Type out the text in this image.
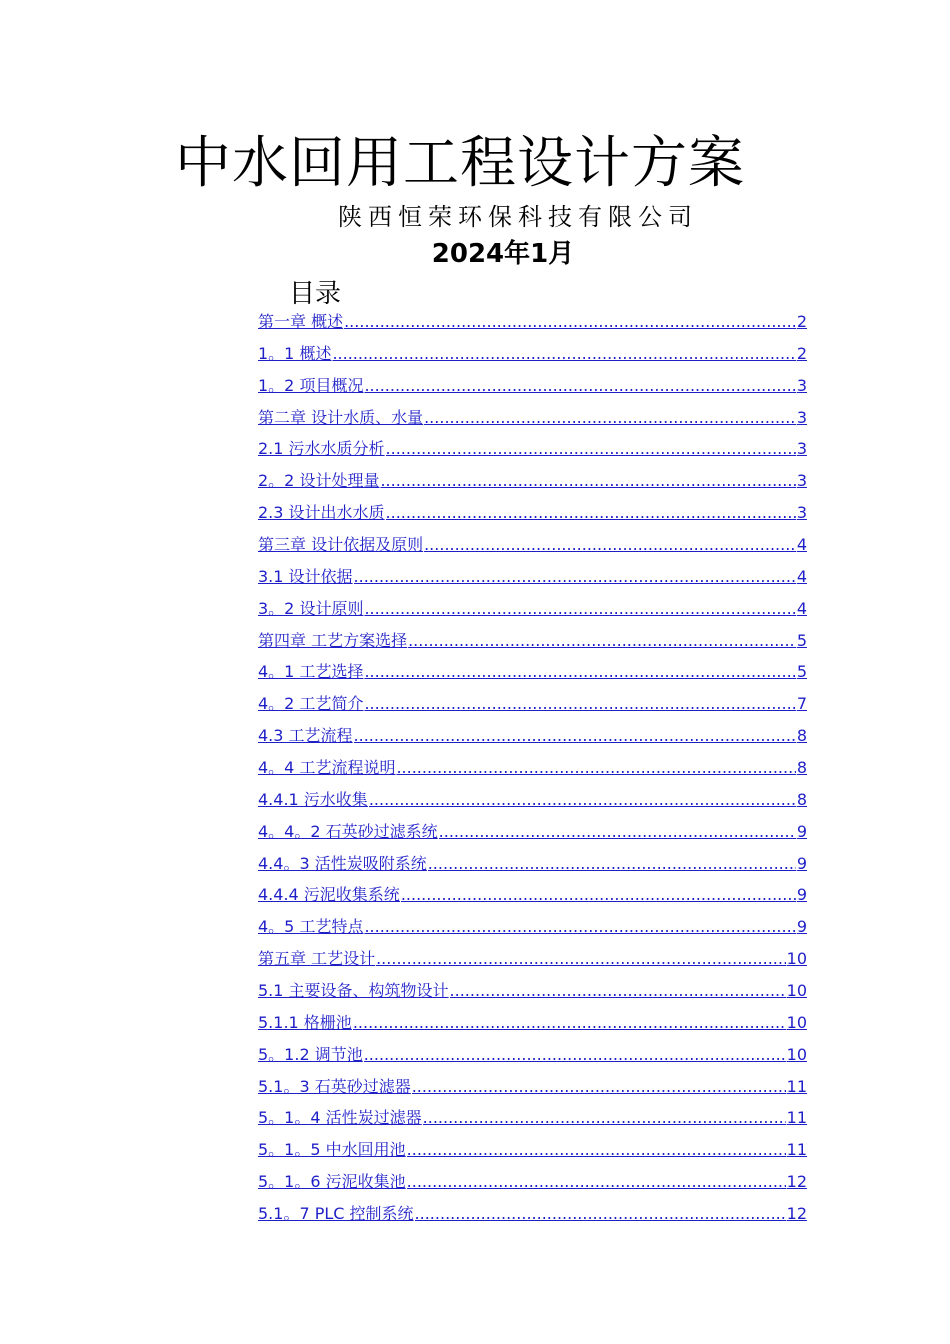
中水回用工程设计方案
陕西恒荣环保科技有限公司
2024年1月
目录
第一章 概述 .....	2
1。1 概述 .....	2
1。2 项目概况 .....	3
第二章 设计水质、水量 .....	3
2.1 污水水质分析 .....	3
2。2 设计处理量 .....	3
2.3 设计出水水质 .....	3
第三章 设计依据及原则 .....	4
3.1 设计依据 .....	4
3。2 设计原则 .....	4
第四章 工艺方案选择 .....	5
4。1 工艺选择 .....	5
4。2 工艺简介 .....	7
4.3 工艺流程 .....	8
4。4 工艺流程说明 .....	8
4.4.1 污水收集 .....	8
4。4。2 石英砂过滤系统 .....	9
4.4。3 活性炭吸附系统 .....	9
4.4.4 污泥收集系统 .....	9
4。5 工艺特点 .....	9
第五章 工艺设计 .....	10
5.1 主要设备、构筑物设计 .....	10
5.1.1 格栅池 .....	10
5。1.2 调节池 .....	10
5.1。3 石英砂过滤器 .....	11
5。1。4 活性炭过滤器 .....	11
5。1。5 中水回用池 .....	11
5。1。6 污泥收集池 .....	12
5.1。7 PLC 控制系统 .....	12
